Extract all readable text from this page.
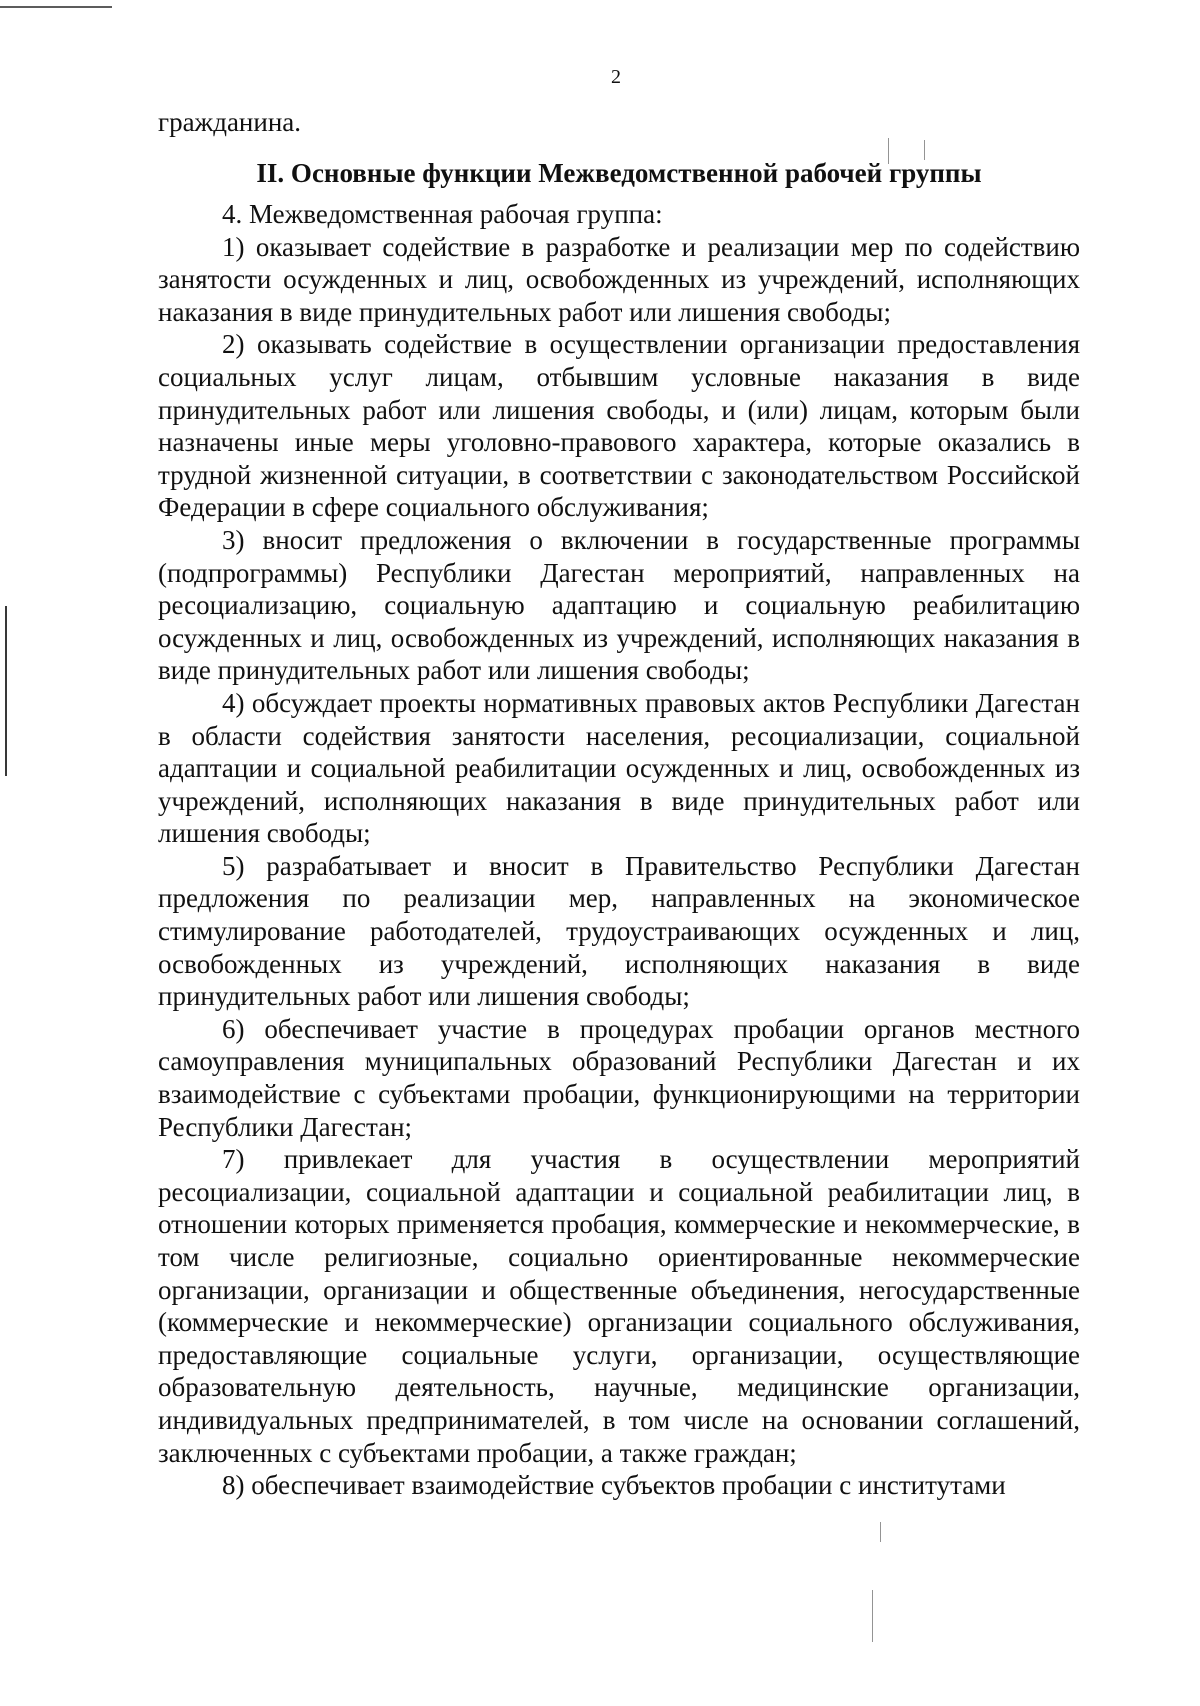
2

гражданина.

II. Основные функции Межведомственной рабочей группы

4. Межведомственная рабочая группа:

1) оказывает содействие в разработке и реализации мер по содействию занятости осужденных и лиц, освобожденных из учреждений, исполняющих наказания в виде принудительных работ или лишения свободы;

2) оказывать содействие в осуществлении организации предоставления социальных услуг лицам, отбывшим условные наказания в виде принудительных работ или лишения свободы, и (или) лицам, которым были назначены иные меры уголовно-правового характера, которые оказались в трудной жизненной ситуации, в соответствии с законодательством Российской Федерации в сфере социального обслуживания;

3) вносит предложения о включении в государственные программы (подпрограммы) Республики Дагестан мероприятий, направленных на ресоциализацию, социальную адаптацию и социальную реабилитацию осужденных и лиц, освобожденных из учреждений, исполняющих наказания в виде принудительных работ или лишения свободы;

4) обсуждает проекты нормативных правовых актов Республики Дагестан в области содействия занятости населения, ресоциализации, социальной адаптации и социальной реабилитации осужденных и лиц, освобожденных из учреждений, исполняющих наказания в виде принудительных работ или лишения свободы;

5) разрабатывает и вносит в Правительство Республики Дагестан предложения по реализации мер, направленных на экономическое стимулирование работодателей, трудоустраивающих осужденных и лиц, освобожденных из учреждений, исполняющих наказания в виде принудительных работ или лишения свободы;

6) обеспечивает участие в процедурах пробации органов местного самоуправления муниципальных образований Республики Дагестан и их взаимодействие с субъектами пробации, функционирующими на территории Республики Дагестан;

7) привлекает для участия в осуществлении мероприятий ресоциализации, социальной адаптации и социальной реабилитации лиц, в отношении которых применяется пробация, коммерческие и некоммерческие, в том числе религиозные, социально ориентированные некоммерческие организации, организации и общественные объединения, негосударственные (коммерческие и некоммерческие) организации социального обслуживания, предоставляющие социальные услуги, организации, осуществляющие образовательную деятельность, научные, медицинские организации, индивидуальных предпринимателей, в том числе на основании соглашений, заключенных с субъектами пробации, а также граждан;

8) обеспечивает взаимодействие субъектов пробации с институтами
